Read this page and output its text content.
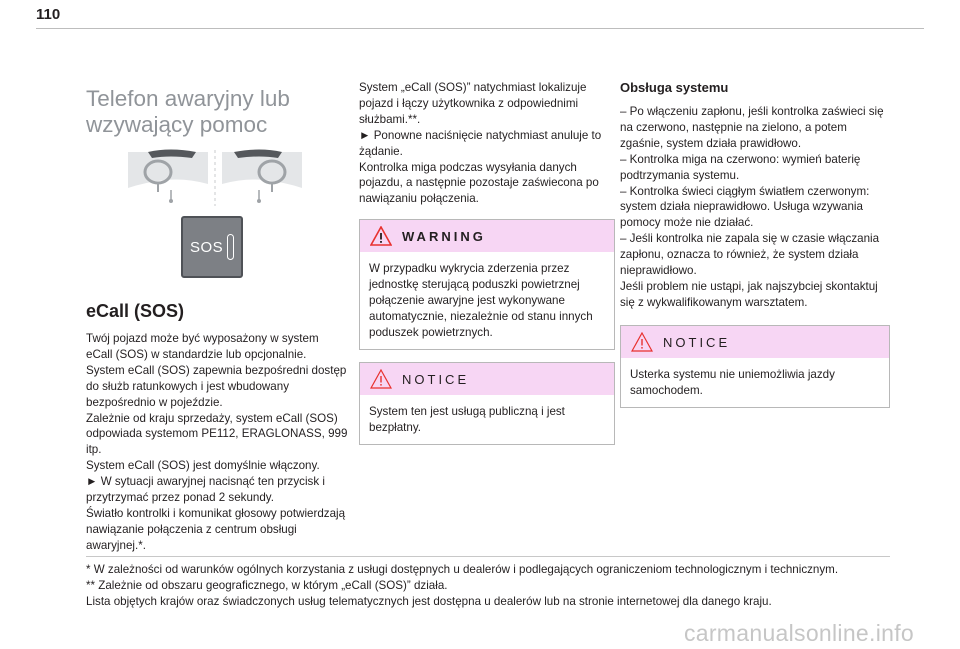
110
Telefon awaryjny lub wzywający pomoc
SOS
eCall (SOS)

Twój pojazd może być wyposażony w system eCall (SOS) w standardzie lub opcjonalnie.
System eCall (SOS) zapewnia bezpośredni dostęp do służb ratunkowych i jest wbudowany bezpośrednio w pojeździe.
Zależnie od kraju sprzedaży, system eCall (SOS) odpowiada systemom PE112, ERAGLONASS, 999 itp.
System eCall (SOS) jest domyślnie włączony.
► W sytuacji awaryjnej nacisnąć ten przycisk i przytrzymać przez ponad 2 sekundy.
Światło kontrolki i komunikat głosowy potwierdzają nawiązanie połączenia z centrum obsługi awaryjnej.*.

System „eCall (SOS)” natychmiast lokalizuje pojazd i łączy użytkownika z odpowiednimi służbami.**.
► Ponowne naciśnięcie natychmiast anuluje to żądanie.
Kontrolka miga podczas wysyłania danych pojazdu, a następnie pozostaje zaświecona po nawiązaniu połączenia.

WARNING

W przypadku wykrycia zderzenia przez jednostkę sterującą poduszki powietrznej połączenie awaryjne jest wykonywane automatycznie, niezależnie od stanu innych poduszek powietrznych.

NOTICE

System ten jest usługą publiczną i jest bezpłatny.

Obsługa systemu

– Po włączeniu zapłonu, jeśli kontrolka zaświeci się na czerwono, następnie na zielono, a potem zgaśnie, system działa prawidłowo.
– Kontrolka miga na czerwono: wymień baterię podtrzymania systemu.
– Kontrolka świeci ciągłym światłem czerwonym: system działa nieprawidłowo. Usługa wzywania pomocy może nie działać.
– Jeśli kontrolka nie zapala się w czasie włączania zapłonu, oznacza to również, że system działa nieprawidłowo.
Jeśli problem nie ustąpi, jak najszybciej skontaktuj się z wykwalifikowanym warsztatem.

NOTICE

Usterka systemu nie uniemożliwia jazdy samochodem.

* W zależności od warunków ogólnych korzystania z usługi dostępnych u dealerów i podlegających ograniczeniom technologicznym i technicznym.

** Zależnie od obszaru geograficznego, w którym „eCall (SOS)” działa.

Lista objętych krajów oraz świadczonych usług telematycznych jest dostępna u dealerów lub na stronie internetowej dla danego kraju.

carmanualsonline.info
